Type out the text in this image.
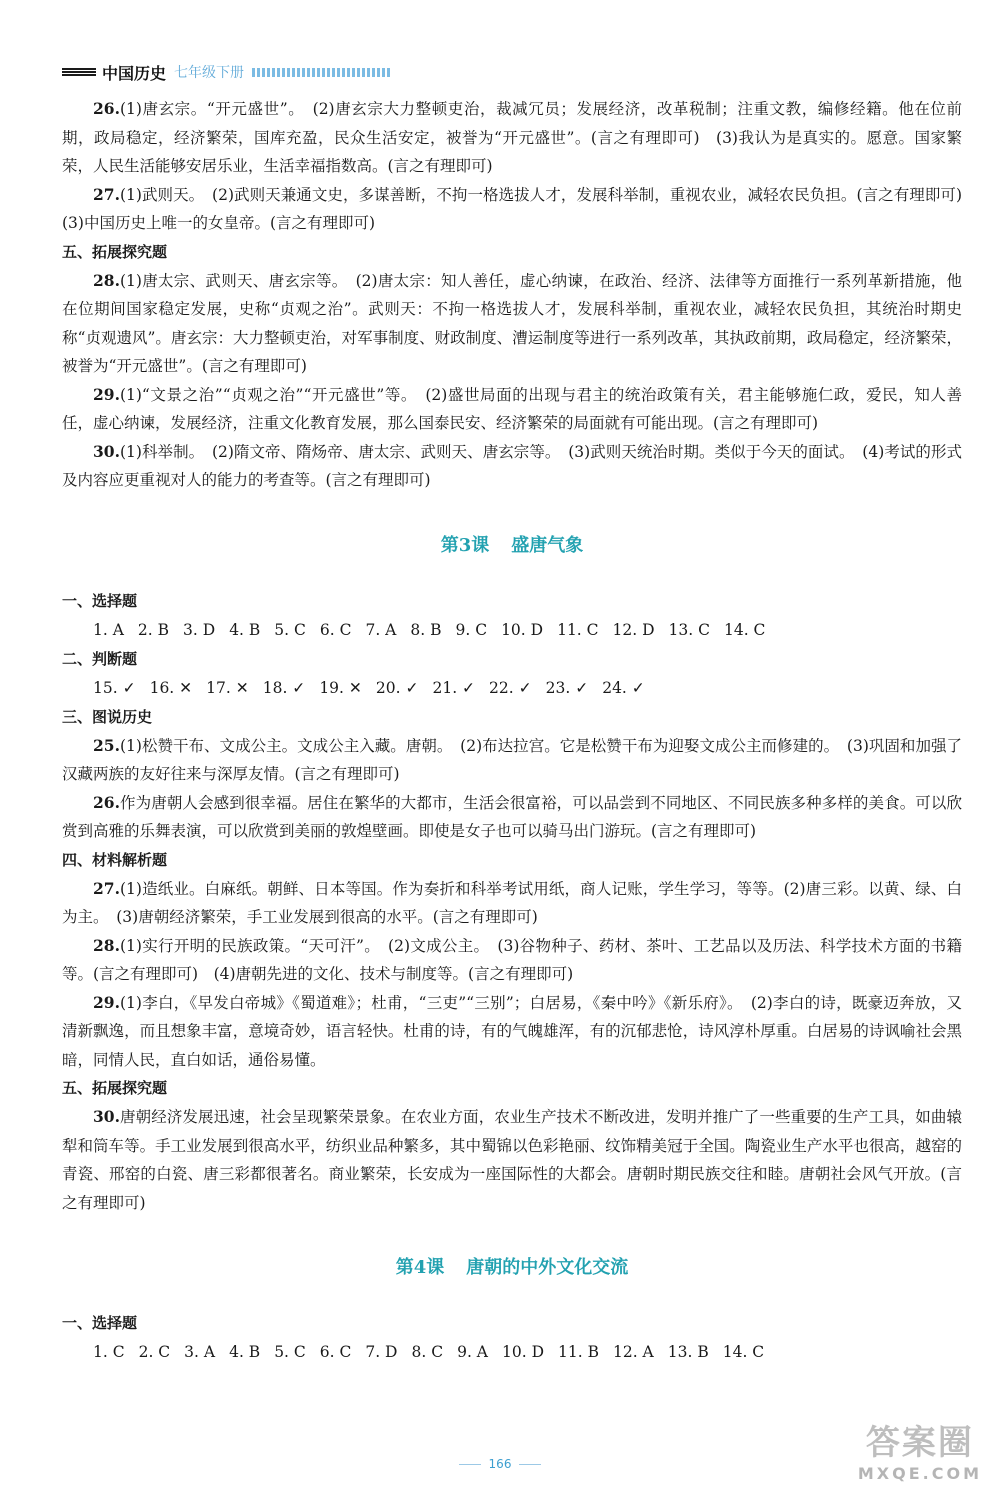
中国历史 七年级下册

26.(1)唐玄宗。“开元盛世”。　(2)唐玄宗大力整顿吏治，裁减冗员；发展经济，改革税制；注重文教，编修经籍。他在位前期，政局稳定，经济繁荣，国库充盈，民众生活安定，被誉为“开元盛世”。(言之有理即可)　(3)我认为是真实的。愿意。国家繁荣，人民生活能够安居乐业，生活幸福指数高。(言之有理即可)

27.(1)武则天。　(2)武则天兼通文史，多谋善断，不拘一格选拔人才，发展科举制，重视农业，减轻农民负担。(言之有理即可)　(3)中国历史上唯一的女皇帝。(言之有理即可)

五、拓展探究题

28.(1)唐太宗、武则天、唐玄宗等。　(2)唐太宗：知人善任，虚心纳谏，在政治、经济、法律等方面推行一系列革新措施，他在位期间国家稳定发展，史称“贞观之治”。武则天：不拘一格选拔人才，发展科举制，重视农业，减轻农民负担，其统治时期史称“贞观遗风”。唐玄宗：大力整顿吏治，对军事制度、财政制度、漕运制度等进行一系列改革，其执政前期，政局稳定，经济繁荣，被誉为“开元盛世”。(言之有理即可)

29.(1)“文景之治”“贞观之治”“开元盛世”等。　(2)盛世局面的出现与君主的统治政策有关，君主能够施仁政，爱民，知人善任，虚心纳谏，发展经济，注重文化教育发展，那么国泰民安、经济繁荣的局面就有可能出现。(言之有理即可)

30.(1)科举制。　(2)隋文帝、隋炀帝、唐太宗、武则天、唐玄宗等。　(3)武则天统治时期。类似于今天的面试。　(4)考试的形式及内容应更重视对人的能力的考查等。(言之有理即可)

第3课 盛唐气象

一、选择题

1. A 2. B 3. D 4. B 5. C 6. C 7. A 8. B 9. C 10. D 11. C 12. D 13. C 14. C

二、判断题

15. ✓ 16. ✕ 17. ✕ 18. ✓ 19. ✕ 20. ✓ 21. ✓ 22. ✓ 23. ✓ 24. ✓

三、图说历史

25.(1)松赞干布、文成公主。文成公主入藏。唐朝。　(2)布达拉宫。它是松赞干布为迎娶文成公主而修建的。　(3)巩固和加强了汉藏两族的友好往来与深厚友情。(言之有理即可)

26.作为唐朝人会感到很幸福。居住在繁华的大都市，生活会很富裕，可以品尝到不同地区、不同民族多种多样的美食。可以欣赏到高雅的乐舞表演，可以欣赏到美丽的敦煌壁画。即使是女子也可以骑马出门游玩。(言之有理即可)

四、材料解析题

27.(1)造纸业。白麻纸。朝鲜、日本等国。作为奏折和科举考试用纸，商人记账，学生学习，等等。(2)唐三彩。以黄、绿、白为主。　(3)唐朝经济繁荣，手工业发展到很高的水平。(言之有理即可)

28.(1)实行开明的民族政策。“天可汗”。　(2)文成公主。　(3)谷物种子、药材、茶叶、工艺品以及历法、科学技术方面的书籍等。(言之有理即可)　(4)唐朝先进的文化、技术与制度等。(言之有理即可)

29.(1)李白，《早发白帝城》《蜀道难》；杜甫，“三吏”“三别”；白居易，《秦中吟》《新乐府》。　(2)李白的诗，既豪迈奔放，又清新飘逸，而且想象丰富，意境奇妙，语言轻快。杜甫的诗，有的气魄雄浑，有的沉郁悲怆，诗风淳朴厚重。白居易的诗讽喻社会黑暗，同情人民，直白如话，通俗易懂。

五、拓展探究题

30.唐朝经济发展迅速，社会呈现繁荣景象。在农业方面，农业生产技术不断改进，发明并推广了一些重要的生产工具，如曲辕犁和筒车等。手工业发展到很高水平，纺织业品种繁多，其中蜀锦以色彩艳丽、纹饰精美冠于全国。陶瓷业生产水平也很高，越窑的青瓷、邢窑的白瓷、唐三彩都很著名。商业繁荣，长安成为一座国际性的大都会。唐朝时期民族交往和睦。唐朝社会风气开放。(言之有理即可)

第4课 唐朝的中外文化交流

一、选择题

1. C 2. C 3. A 4. B 5. C 6. C 7. D 8. C 9. A 10. D 11. B 12. A 13. B 14. C

166
答案圈
MXQE.COM
